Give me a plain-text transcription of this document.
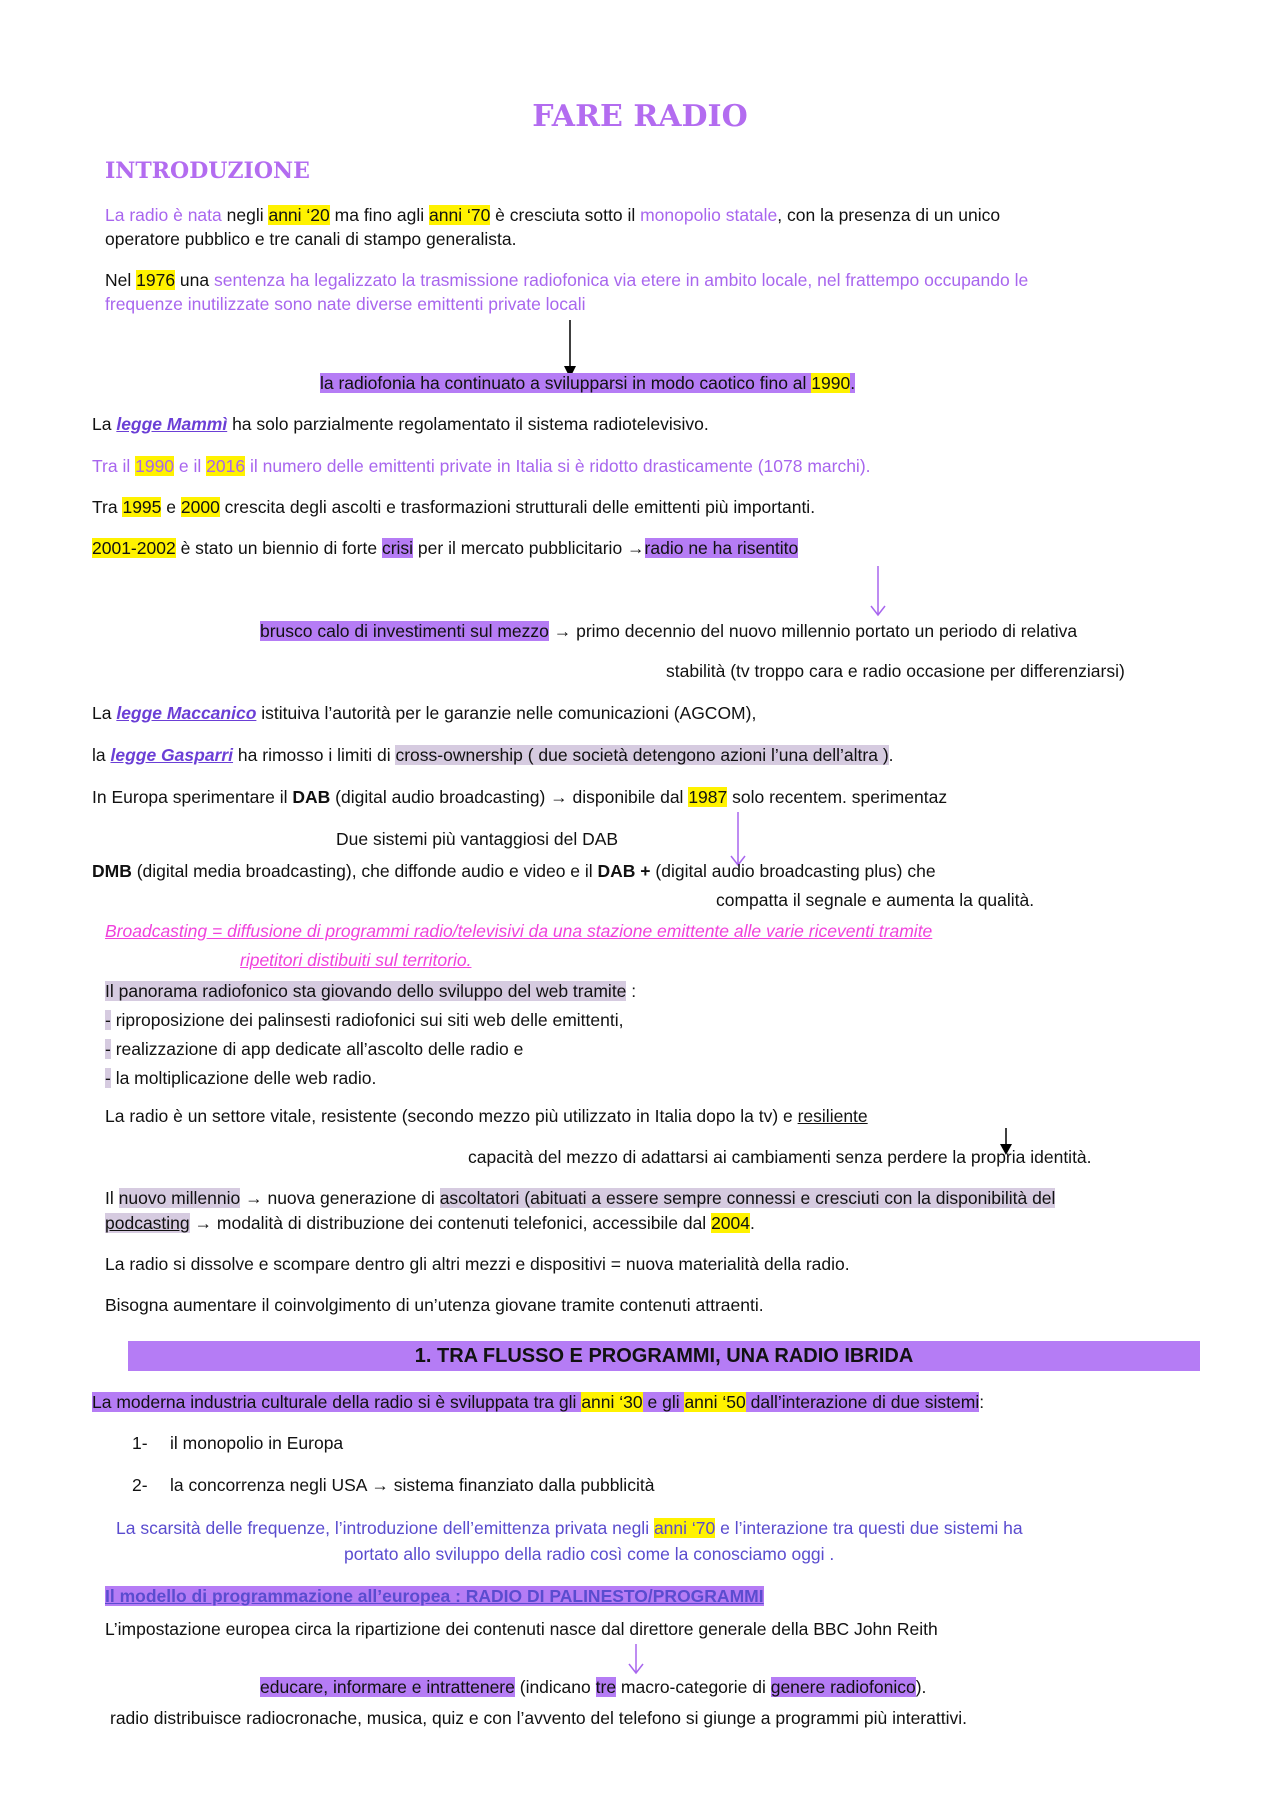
FARE RADIO
INTRODUZIONE
La radio è nata negli anni ‘20 ma fino agli anni ‘70 è cresciuta sotto il monopolio statale, con la presenza di un unico
operatore pubblico e tre canali di stampo generalista.
Nel 1976 una sentenza ha legalizzato la trasmissione radiofonica via etere in ambito locale, nel frattempo occupando le
frequenze inutilizzate sono nate diverse emittenti private locali
la radiofonia ha continuato a svilupparsi in modo caotico fino al 1990.
La legge Mammì ha solo parzialmente regolamentato il sistema radiotelevisivo.
Tra il 1990 e il 2016 il numero delle emittenti private in Italia si è ridotto drasticamente (1078 marchi).
Tra 1995 e 2000 crescita degli ascolti e trasformazioni strutturali delle emittenti più importanti.
2001-2002 è stato un biennio di forte crisi per il mercato pubblicitario →radio ne ha risentito
brusco calo di investimenti sul mezzo → primo decennio del nuovo millennio portato un periodo di relativa
stabilità (tv troppo cara e radio occasione per differenziarsi)
La legge Maccanico istituiva l’autorità per le garanzie nelle comunicazioni (AGCOM),
la legge Gasparri ha rimosso i limiti di cross-ownership ( due società detengono azioni l’una dell’altra ).
In Europa sperimentare il DAB (digital audio broadcasting) → disponibile dal 1987 solo recentem. sperimentaz
Due sistemi più vantaggiosi del DAB
DMB (digital media broadcasting), che diffonde audio e video e il DAB + (digital audio broadcasting plus) che
compatta il segnale e aumenta la qualità.
Broadcasting = diffusione di programmi radio/televisivi da una stazione emittente alle varie riceventi tramite
ripetitori distibuiti sul territorio.
Il panorama radiofonico sta giovando dello sviluppo del web tramite :
- riproposizione dei palinsesti radiofonici sui siti web delle emittenti,
- realizzazione di app dedicate all’ascolto delle radio e
- la moltiplicazione delle web radio.
La radio è un settore vitale, resistente (secondo mezzo più utilizzato in Italia dopo la tv) e resiliente
capacità del mezzo di adattarsi ai cambiamenti senza perdere la propria identità.
Il nuovo millennio → nuova generazione di ascoltatori (abituati a essere sempre connessi e cresciuti con la disponibilità del
podcasting → modalità di distribuzione dei contenuti telefonici, accessibile dal 2004.
La radio si dissolve e scompare dentro gli altri mezzi e dispositivi = nuova materialità della radio.
Bisogna aumentare il coinvolgimento di un’utenza giovane tramite contenuti attraenti.
1. TRA FLUSSO E PROGRAMMI, UNA RADIO IBRIDA
La moderna industria culturale della radio si è sviluppata tra gli anni ‘30 e gli anni ‘50 dall’interazione di due sistemi:
1- il monopolio in Europa
2- la concorrenza negli USA → sistema finanziato dalla pubblicità
La scarsità delle frequenze, l’introduzione dell’emittenza privata negli anni ‘70 e l’interazione tra questi due sistemi ha
portato allo sviluppo della radio così come la conosciamo oggi .
Il modello di programmazione all’europea : RADIO DI PALINESTO/PROGRAMMI
L’impostazione europea circa la ripartizione dei contenuti nasce dal direttore generale della BBC John Reith
educare, informare e intrattenere (indicano tre macro-categorie di genere radiofonico).
radio distribuisce radiocronache, musica, quiz e con l’avvento del telefono si giunge a programmi più interattivi.
